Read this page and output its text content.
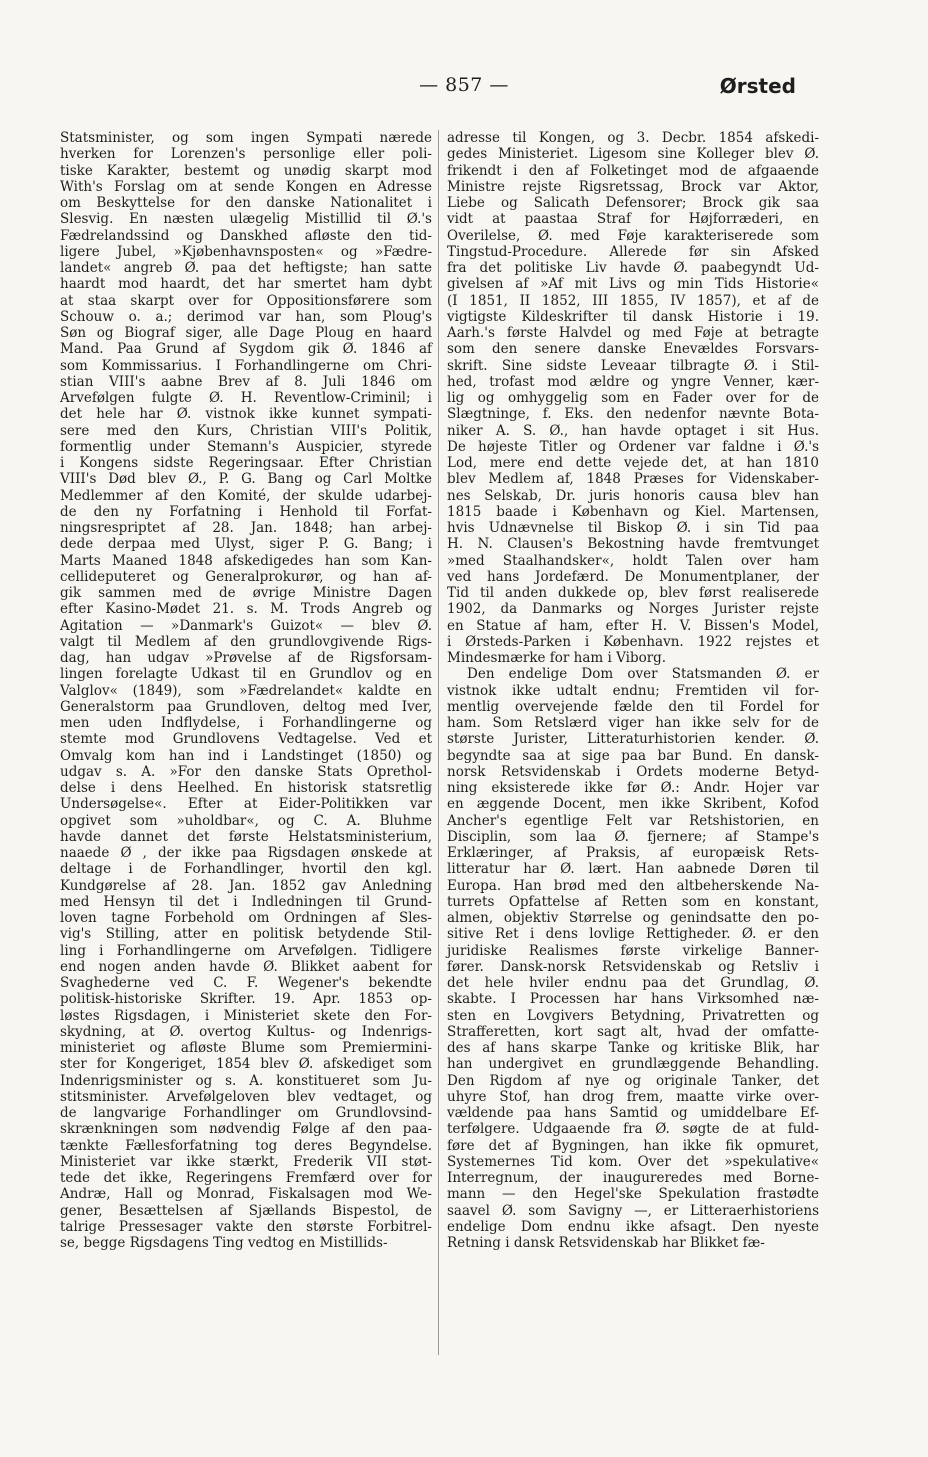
— 857 —	Ørsted
Statsminister, og som ingen Sympati nærede
hverken for Lorenzen's personlige eller poli-
tiske Karakter, bestemt og unødig skarpt mod
With's Forslag om at sende Kongen en Adresse
om Beskyttelse for den danske Nationalitet i
Slesvig. En næsten ulægelig Mistillid til Ø.'s
Fædrelandssind og Danskhed afløste den tid-
ligere Jubel, »Kjøbenhavnsposten« og »Fædre-
landet« angreb Ø. paa det heftigste; han satte
haardt mod haardt, det har smertet ham dybt
at staa skarpt over for Oppositionsførere som
Schouw o. a.; derimod var han, som Ploug's
Søn og Biograf siger, alle Dage Ploug en haard
Mand. Paa Grund af Sygdom gik Ø. 1846 af
som Kommissarius. I Forhandlingerne om Chri-
stian VIII's aabne Brev af 8. Juli 1846 om
Arvefølgen fulgte Ø. H. Reventlow-Criminil; i
det hele har Ø. vistnok ikke kunnet sympati-
sere med den Kurs, Christian VIII's Politik,
formentlig under Stemann's Auspicier, styrede
i Kongens sidste Regeringsaar. Efter Christian
VIII's Død blev Ø., P. G. Bang og Carl Moltke
Medlemmer af den Komité, der skulde udarbej-
de den ny Forfatning i Henhold til Forfat-
ningsrespriptet af 28. Jan. 1848; han arbej-
dede derpaa med Ulyst, siger P. G. Bang; i
Marts Maaned 1848 afskedigedes han som Kan-
cellideputeret og Generalprokurør, og han af-
gik sammen med de øvrige Ministre Dagen
efter Kasino-Mødet 21. s. M. Trods Angreb og
Agitation — »Danmark's Guizot« — blev Ø.
valgt til Medlem af den grundlovgivende Rigs-
dag, han udgav »Prøvelse af de Rigsforsam-
lingen forelagte Udkast til en Grundlov og en
Valglov« (1849), som »Fædrelandet« kaldte en
Generalstorm paa Grundloven, deltog med Iver,
men uden Indflydelse, i Forhandlingerne og
stemte mod Grundlovens Vedtagelse. Ved et
Omvalg kom han ind i Landstinget (1850) og
udgav s. A. »For den danske Stats Oprethol-
delse i dens Heelhed. En historisk statsretlig
Undersøgelse«. Efter at Eider-Politikken var
opgivet som »uholdbar«, og C. A. Bluhme
havde dannet det første Helstatsministerium,
naaede Ø , der ikke paa Rigsdagen ønskede at
deltage i de Forhandlinger, hvortil den kgl.
Kundgørelse af 28. Jan. 1852 gav Anledning
med Hensyn til det i Indledningen til Grund-
loven tagne Forbehold om Ordningen af Sles-
vig's Stilling, atter en politisk betydende Stil-
ling i Forhandlingerne om Arvefølgen. Tidligere
end nogen anden havde Ø. Blikket aabent for
Svaghederne ved C. F. Wegener's bekendte
politisk-historiske Skrifter. 19. Apr. 1853 op-
løstes Rigsdagen, i Ministeriet skete den For-
skydning, at Ø. overtog Kultus- og Indenrigs-
ministeriet og afløste Blume som Premiermini-
ster for Kongeriget, 1854 blev Ø. afskediget som
Indenrigsminister og s. A. konstitueret som Ju-
stitsminister. Arvefølgeloven blev vedtaget, og
de langvarige Forhandlinger om Grundlovsind-
skrænkningen som nødvendig Følge af den paa-
tænkte Fællesforfatning tog deres Begyndelse.
Ministeriet var ikke stærkt, Frederik VII støt-
tede det ikke, Regeringens Fremfærd over for
Andræ, Hall og Monrad, Fiskalsagen mod We-
gener, Besættelsen af Sjællands Bispestol, de
talrige Pressesager vakte den største Forbitrel-
se, begge Rigsdagens Ting vedtog en Mistillids-
adresse til Kongen, og 3. Decbr. 1854 afskedi-
gedes Ministeriet. Ligesom sine Kolleger blev Ø.
frikendt i den af Folketinget mod de afgaaende
Ministre rejste Rigsretssag, Brock var Aktor,
Liebe og Salicath Defensorer; Brock gik saa
vidt at paastaa Straf for Højforræderi, en
Overilelse, Ø. med Føje karakteriserede som
Tingstud-Procedure. Allerede før sin Afsked
fra det politiske Liv havde Ø. paabegyndt Ud-
givelsen af »Af mit Livs og min Tids Historie«
(I 1851, II 1852, III 1855, IV 1857), et af de
vigtigste Kildeskrifter til dansk Historie i 19.
Aarh.'s første Halvdel og med Føje at betragte
som den senere danske Enevældes Forsvars-
skrift. Sine sidste Leveaar tilbragte Ø. i Stil-
hed, trofast mod ældre og yngre Venner, kær-
lig og omhyggelig som en Fader over for de
Slægtninge, f. Eks. den nedenfor nævnte Bota-
niker A. S. Ø., han havde optaget i sit Hus.
De højeste Titler og Ordener var faldne i Ø.'s
Lod, mere end dette vejede det, at han 1810
blev Medlem af, 1848 Præses for Videnskaber-
nes Selskab, Dr. juris honoris causa blev han
1815 baade i København og Kiel. Martensen,
hvis Udnævnelse til Biskop Ø. i sin Tid paa
H. N. Clausen's Bekostning havde fremtvunget
»med Staalhandsker«, holdt Talen over ham
ved hans Jordefærd. De Monumentplaner, der
Tid til anden dukkede op, blev først realiserede
1902, da Danmarks og Norges Jurister rejste
en Statue af ham, efter H. V. Bissen's Model,
i Ørsteds-Parken i København. 1922 rejstes et
Mindesmærke for ham i Viborg.
Den endelige Dom over Statsmanden Ø. er
vistnok ikke udtalt endnu; Fremtiden vil for-
mentlig overvejende fælde den til Fordel for
ham. Som Retslærd viger han ikke selv for de
største Jurister, Litteraturhistorien kender. Ø.
begyndte saa at sige paa bar Bund. En dansk-
norsk Retsvidenskab i Ordets moderne Betyd-
ning eksisterede ikke før Ø.: Andr. Hojer var
en æggende Docent, men ikke Skribent, Kofod
Ancher's egentlige Felt var Retshistorien, en
Disciplin, som laa Ø. fjernere; af Stampe's
Erklæringer, af Praksis, af europæisk Rets-
litteratur har Ø. lært. Han aabnede Døren til
Europa. Han brød med den altbeherskende Na-
turrets Opfattelse af Retten som en konstant,
almen, objektiv Størrelse og genindsatte den po-
sitive Ret i dens lovlige Rettigheder. Ø. er den
juridiske Realismes første virkelige Banner-
fører. Dansk-norsk Retsvidenskab og Retsliv i
det hele hviler endnu paa det Grundlag, Ø.
skabte. I Processen har hans Virksomhed næ-
sten en Lovgivers Betydning, Privatretten og
Strafferetten, kort sagt alt, hvad der omfatte-
des af hans skarpe Tanke og kritiske Blik, har
han undergivet en grundlæggende Behandling.
Den Rigdom af nye og originale Tanker, det
uhyre Stof, han drog frem, maatte virke over-
vældende paa hans Samtid og umiddelbare Ef-
terfølgere. Udgaaende fra Ø. søgte de at fuld-
føre det af Bygningen, han ikke fik opmuret,
Systemernes Tid kom. Over det »spekulative«
Interregnum, der inaugureredes med Borne-
mann — den Hegel'ske Spekulation frastødte
saavel Ø. som Savigny —, er Litteraerhistoriens
endelige Dom endnu ikke afsagt. Den nyeste
Retning i dansk Retsvidenskab har Blikket fæ-
